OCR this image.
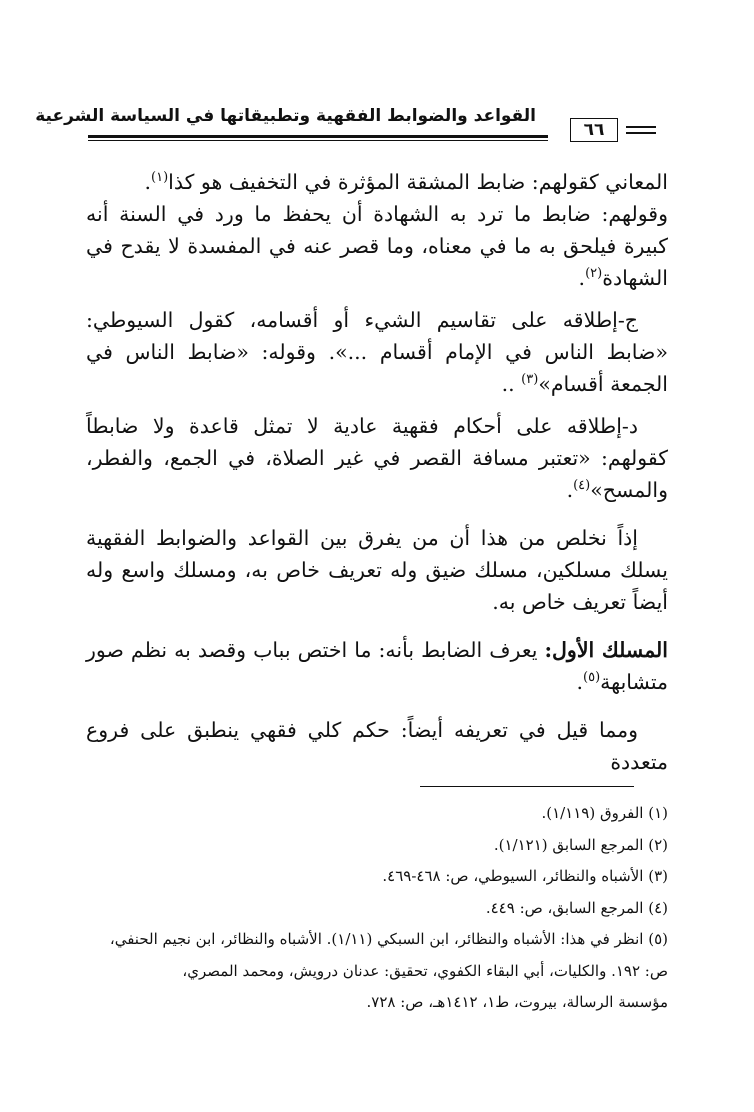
القواعد والضوابط الفقهية وتطبيقاتها في السياسة الشرعية
٦٦

المعاني كقولهم: ضابط المشقة المؤثرة في التخفيف هو كذا$^{(١)}$.

وقولهم: ضابط ما ترد به الشهادة أن يحفظ ما ورد في السنة أنه كبيرة فيلحق به ما في معناه، وما قصر عنه في المفسدة لا يقدح في الشهادة$^{(٢)}$.

ج-إطلاقه على تقاسيم الشيء أو أقسامه، كقول السيوطي: «ضابط الناس في الإمام أقسام ...». وقوله: «ضابط الناس في الجمعة أقسام»$^{(٣)}$ ..

د-إطلاقه على أحكام فقهية عادية لا تمثل قاعدة ولا ضابطاً كقولهم: «تعتبر مسافة القصر في غير الصلاة، في الجمع، والفطر، والمسح»$^{(٤)}$.

إذاً نخلص من هذا أن من يفرق بين القواعد والضوابط الفقهية يسلك مسلكين، مسلك ضيق وله تعريف خاص به، ومسلك واسع وله أيضاً تعريف خاص به.

المسلك الأول: يعرف الضابط بأنه: ما اختص بباب وقصد به نظم صور متشابهة$^{(٥)}$.

ومما قيل في تعريفه أيضاً: حكم كلي فقهي ينطبق على فروع متعددة

(١) الفروق (١/١١٩).
(٢) المرجع السابق (١/١٢١).
(٣) الأشباه والنظائر، السيوطي، ص: ٤٦٨-٤٦٩.
(٤) المرجع السابق، ص: ٤٤٩.
(٥) انظر في هذا: الأشباه والنظائر، ابن السبكي (١/١١). الأشباه والنظائر، ابن نجيم الحنفي،
ص: ١٩٢. والكليات، أبي البقاء الكفوي، تحقيق: عدنان درويش، ومحمد المصري،
مؤسسة الرسالة، بيروت، ط١، ١٤١٢هـ، ص: ٧٢٨.
